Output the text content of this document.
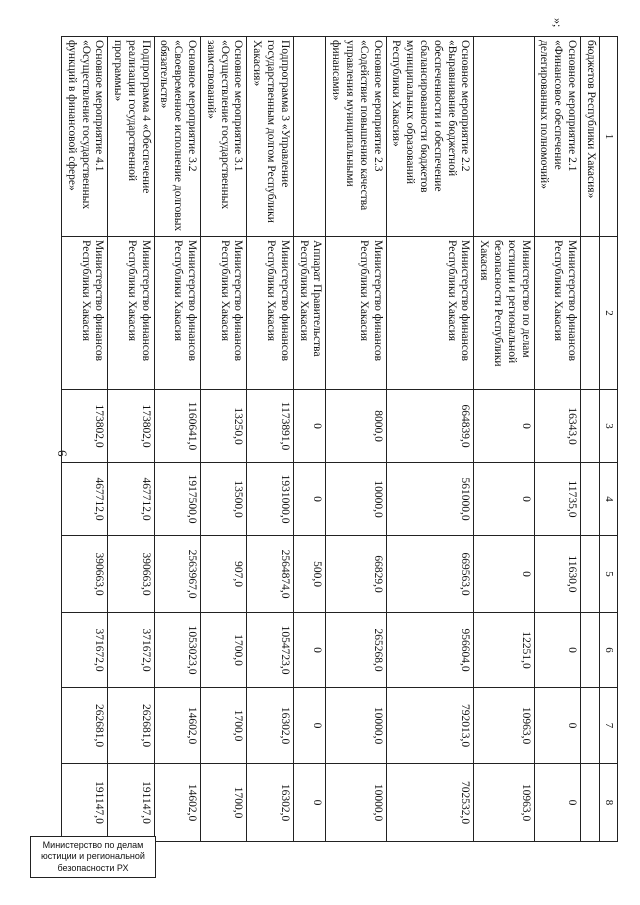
6
»;
1	2	3	4	5	6	7	8
бюджетов Республики Хакасия»							
Основное мероприятие 2.1 «Финансовое обеспечение делегированных полномочий»	Министерство финансов Республики Хакасия	16343,0	11735,0	11630,0	0	0	0
	Министерство по делам юстиции и региональной безопасности Республики Хакасия	0	0	0	12251,0	10963,0	10963,0
Основное мероприятие 2.2 «Выравнивание бюджетной обеспеченности и обеспечение сбалансированности бюджетов муниципальных образований Республики Хакасия»	Министерство финансов Республики Хакасия	664839,0	561000,0	669563,0	956604,0	792013,0	702532,0
Основное мероприятие 2.3 «Содействие повышению качества управления муниципальными финансами»	Министерство финансов Республики Хакасия	8000,0	10000,0	66829,0	265268,0	10000,0	10000,0
	Аппарат Правительства Республики Хакасия	0	0	500,0	0	0	0
Подпрограмма 3 «Управление государственным долгом Республики Хакасия»	Министерство финансов Республики Хакасия	1173891,0	1931000,0	2564874,0	1054723,0	16302,0	16302,0
Основное мероприятие 3.1 «Осуществление государственных заимствований»	Министерство финансов Республики Хакасия	13250,0	13500,0	907,0	1700,0	1700,0	1700,0
Основное мероприятие 3.2 «Своевременное исполнение долговых обязательств»	Министерство финансов Республики Хакасия	1160641,0	1917500,0	2563967,0	1053023,0	14602,0	14602,0
Подпрограмма 4 «Обеспечение реализации государственной программы»	Министерство финансов Республики Хакасия	173802,0	467712,0	390663,0	371672,0	262681,0	191147,0
Основное мероприятие 4.1 «Осуществление государственных функций в финансовой сфере»	Министерство финансов Республики Хакасия	173802,0	467712,0	390663,0	371672,0	262681,0	191147,0
Министерство по делам
юстиции и региональной
безопасности РХ
